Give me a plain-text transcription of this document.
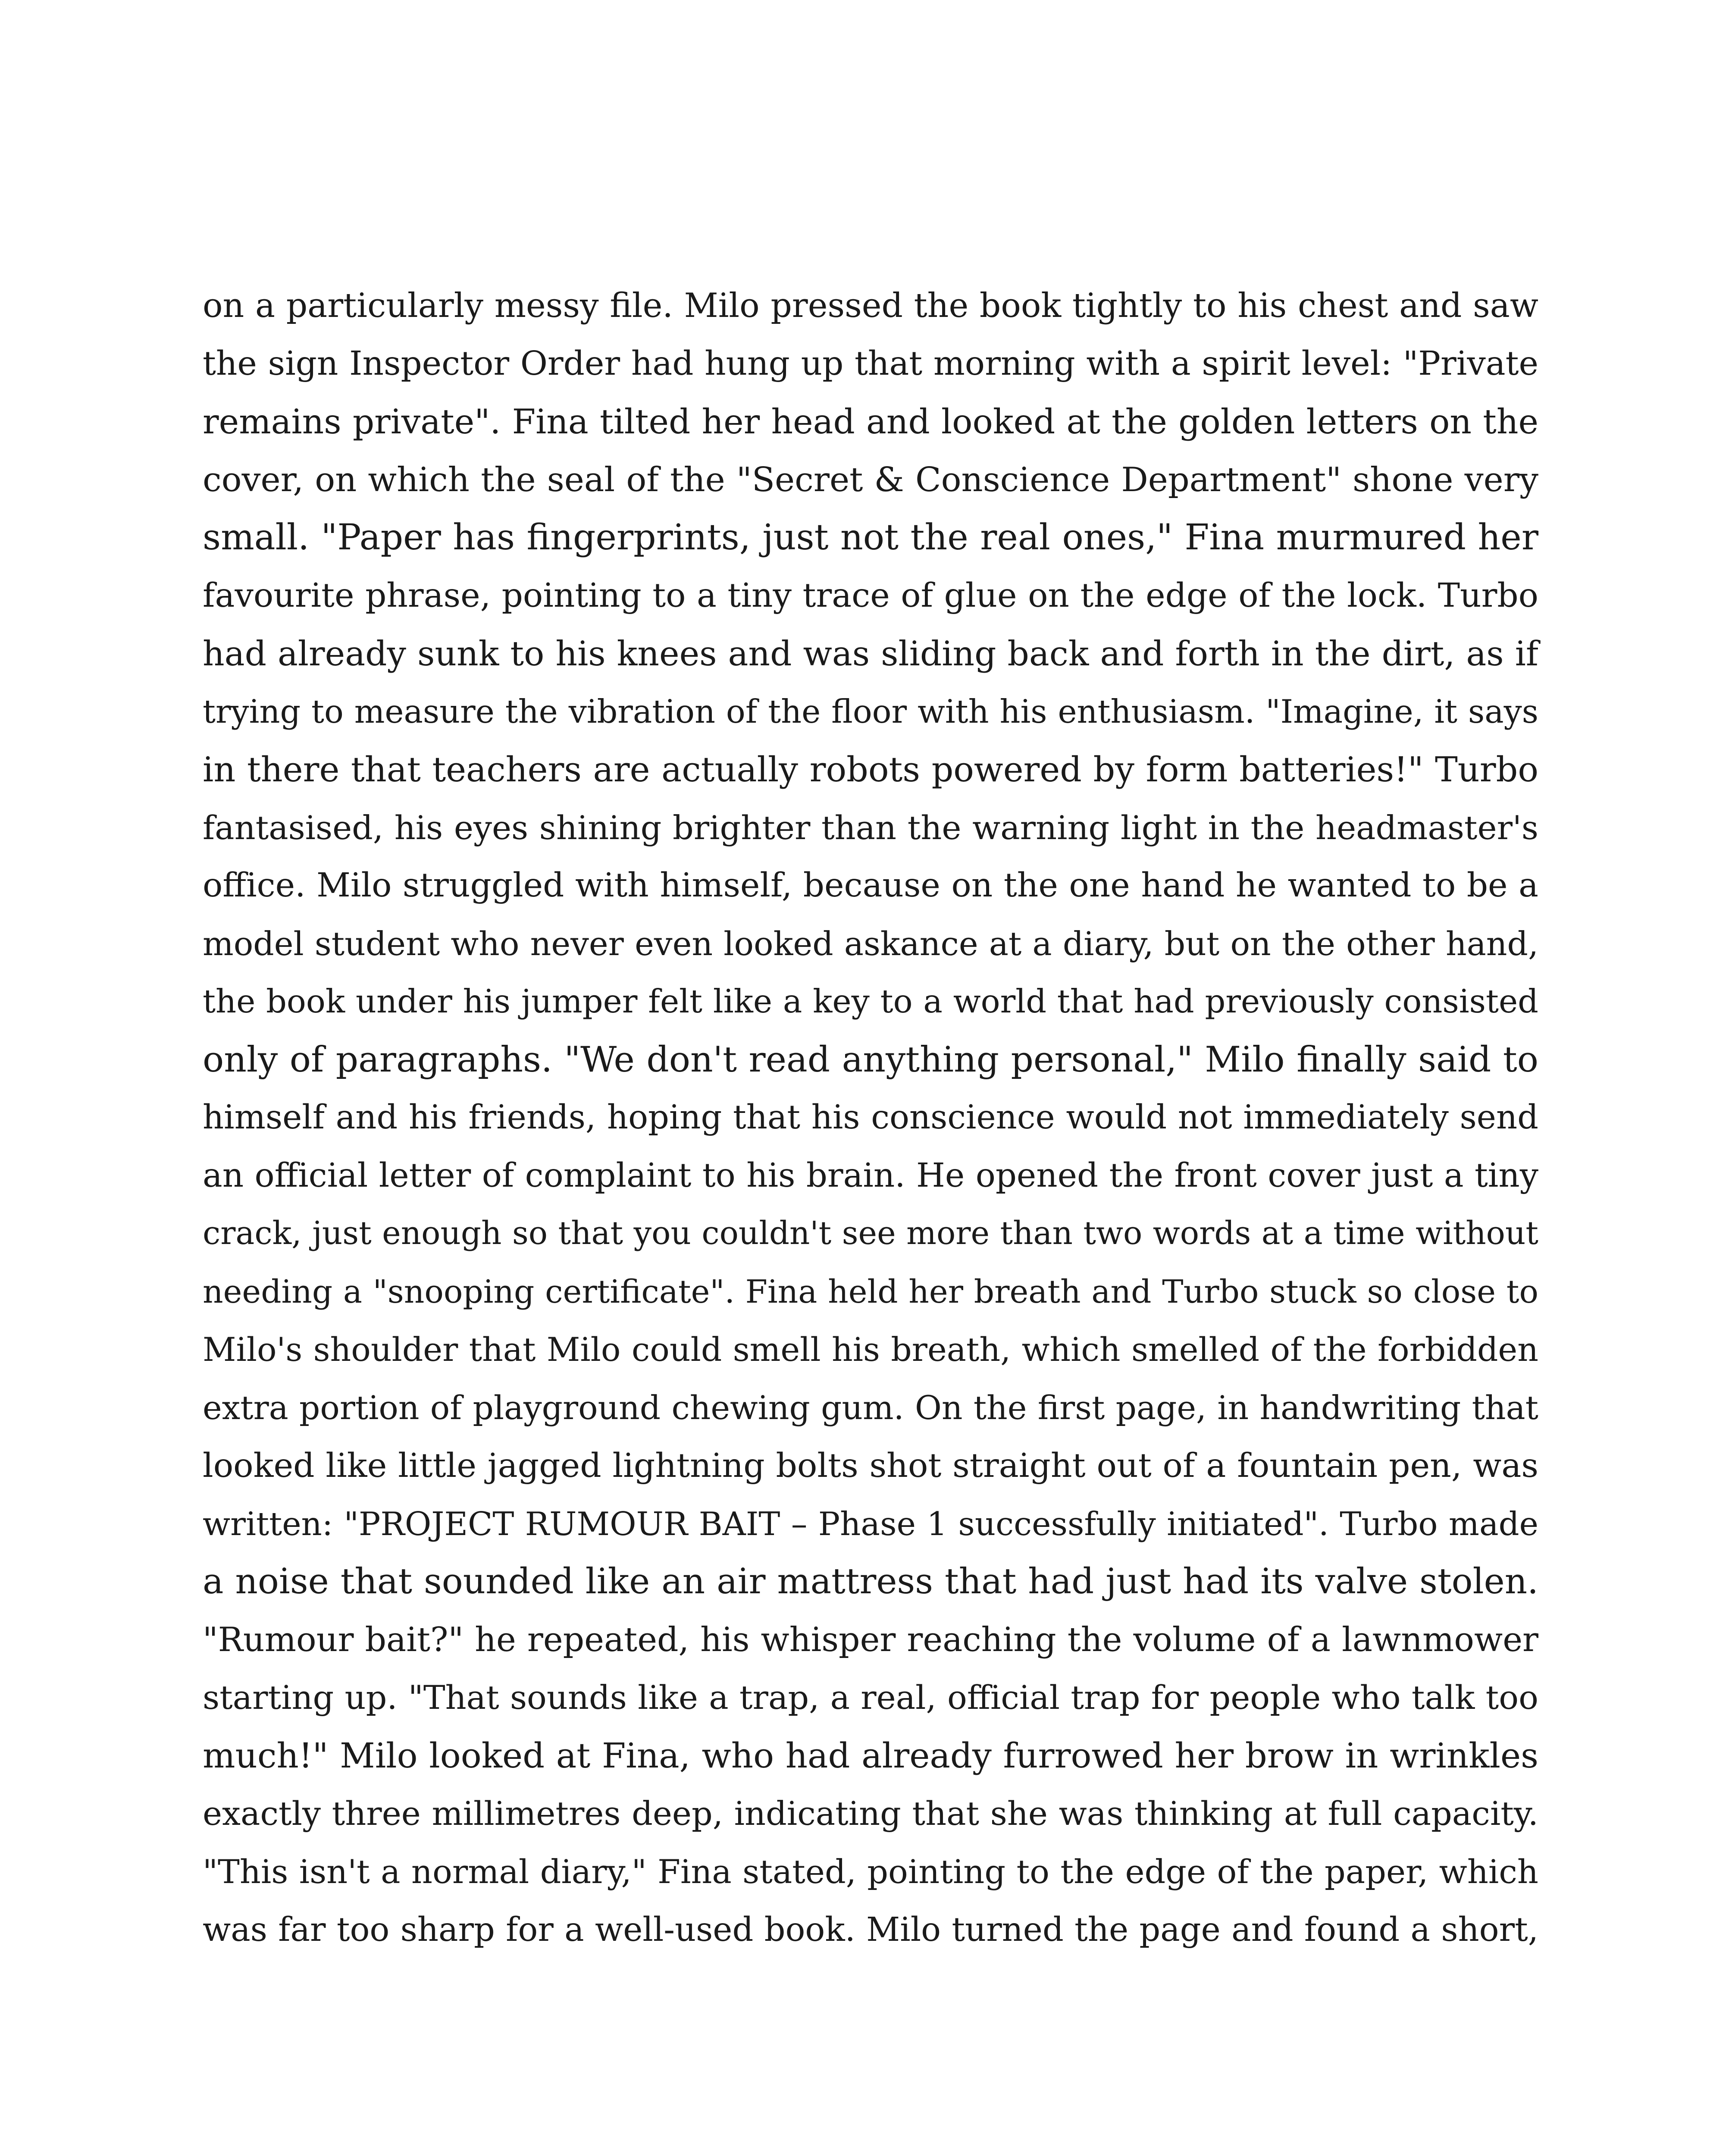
on a particularly messy file. Milo pressed the book tightly to his chest and saw
the sign Inspector Order had hung up that morning with a spirit level: "Private
remains private". Fina tilted her head and looked at the golden letters on the
cover, on which the seal of the "Secret & Conscience Department" shone very
small. "Paper has fingerprints, just not the real ones," Fina murmured her
favourite phrase, pointing to a tiny trace of glue on the edge of the lock. Turbo
had already sunk to his knees and was sliding back and forth in the dirt, as if
trying to measure the vibration of the floor with his enthusiasm. "Imagine, it says
in there that teachers are actually robots powered by form batteries!" Turbo
fantasised, his eyes shining brighter than the warning light in the headmaster's
office. Milo struggled with himself, because on the one hand he wanted to be a
model student who never even looked askance at a diary, but on the other hand,
the book under his jumper felt like a key to a world that had previously consisted
only of paragraphs. "We don't read anything personal," Milo finally said to
himself and his friends, hoping that his conscience would not immediately send
an official letter of complaint to his brain. He opened the front cover just a tiny
crack, just enough so that you couldn't see more than two words at a time without
needing a "snooping certificate". Fina held her breath and Turbo stuck so close to
Milo's shoulder that Milo could smell his breath, which smelled of the forbidden
extra portion of playground chewing gum. On the first page, in handwriting that
looked like little jagged lightning bolts shot straight out of a fountain pen, was
written: "PROJECT RUMOUR BAIT – Phase 1 successfully initiated". Turbo made
a noise that sounded like an air mattress that had just had its valve stolen.
"Rumour bait?" he repeated, his whisper reaching the volume of a lawnmower
starting up. "That sounds like a trap, a real, official trap for people who talk too
much!" Milo looked at Fina, who had already furrowed her brow in wrinkles
exactly three millimetres deep, indicating that she was thinking at full capacity.
"This isn't a normal diary," Fina stated, pointing to the edge of the paper, which
was far too sharp for a well-used book. Milo turned the page and found a short,
